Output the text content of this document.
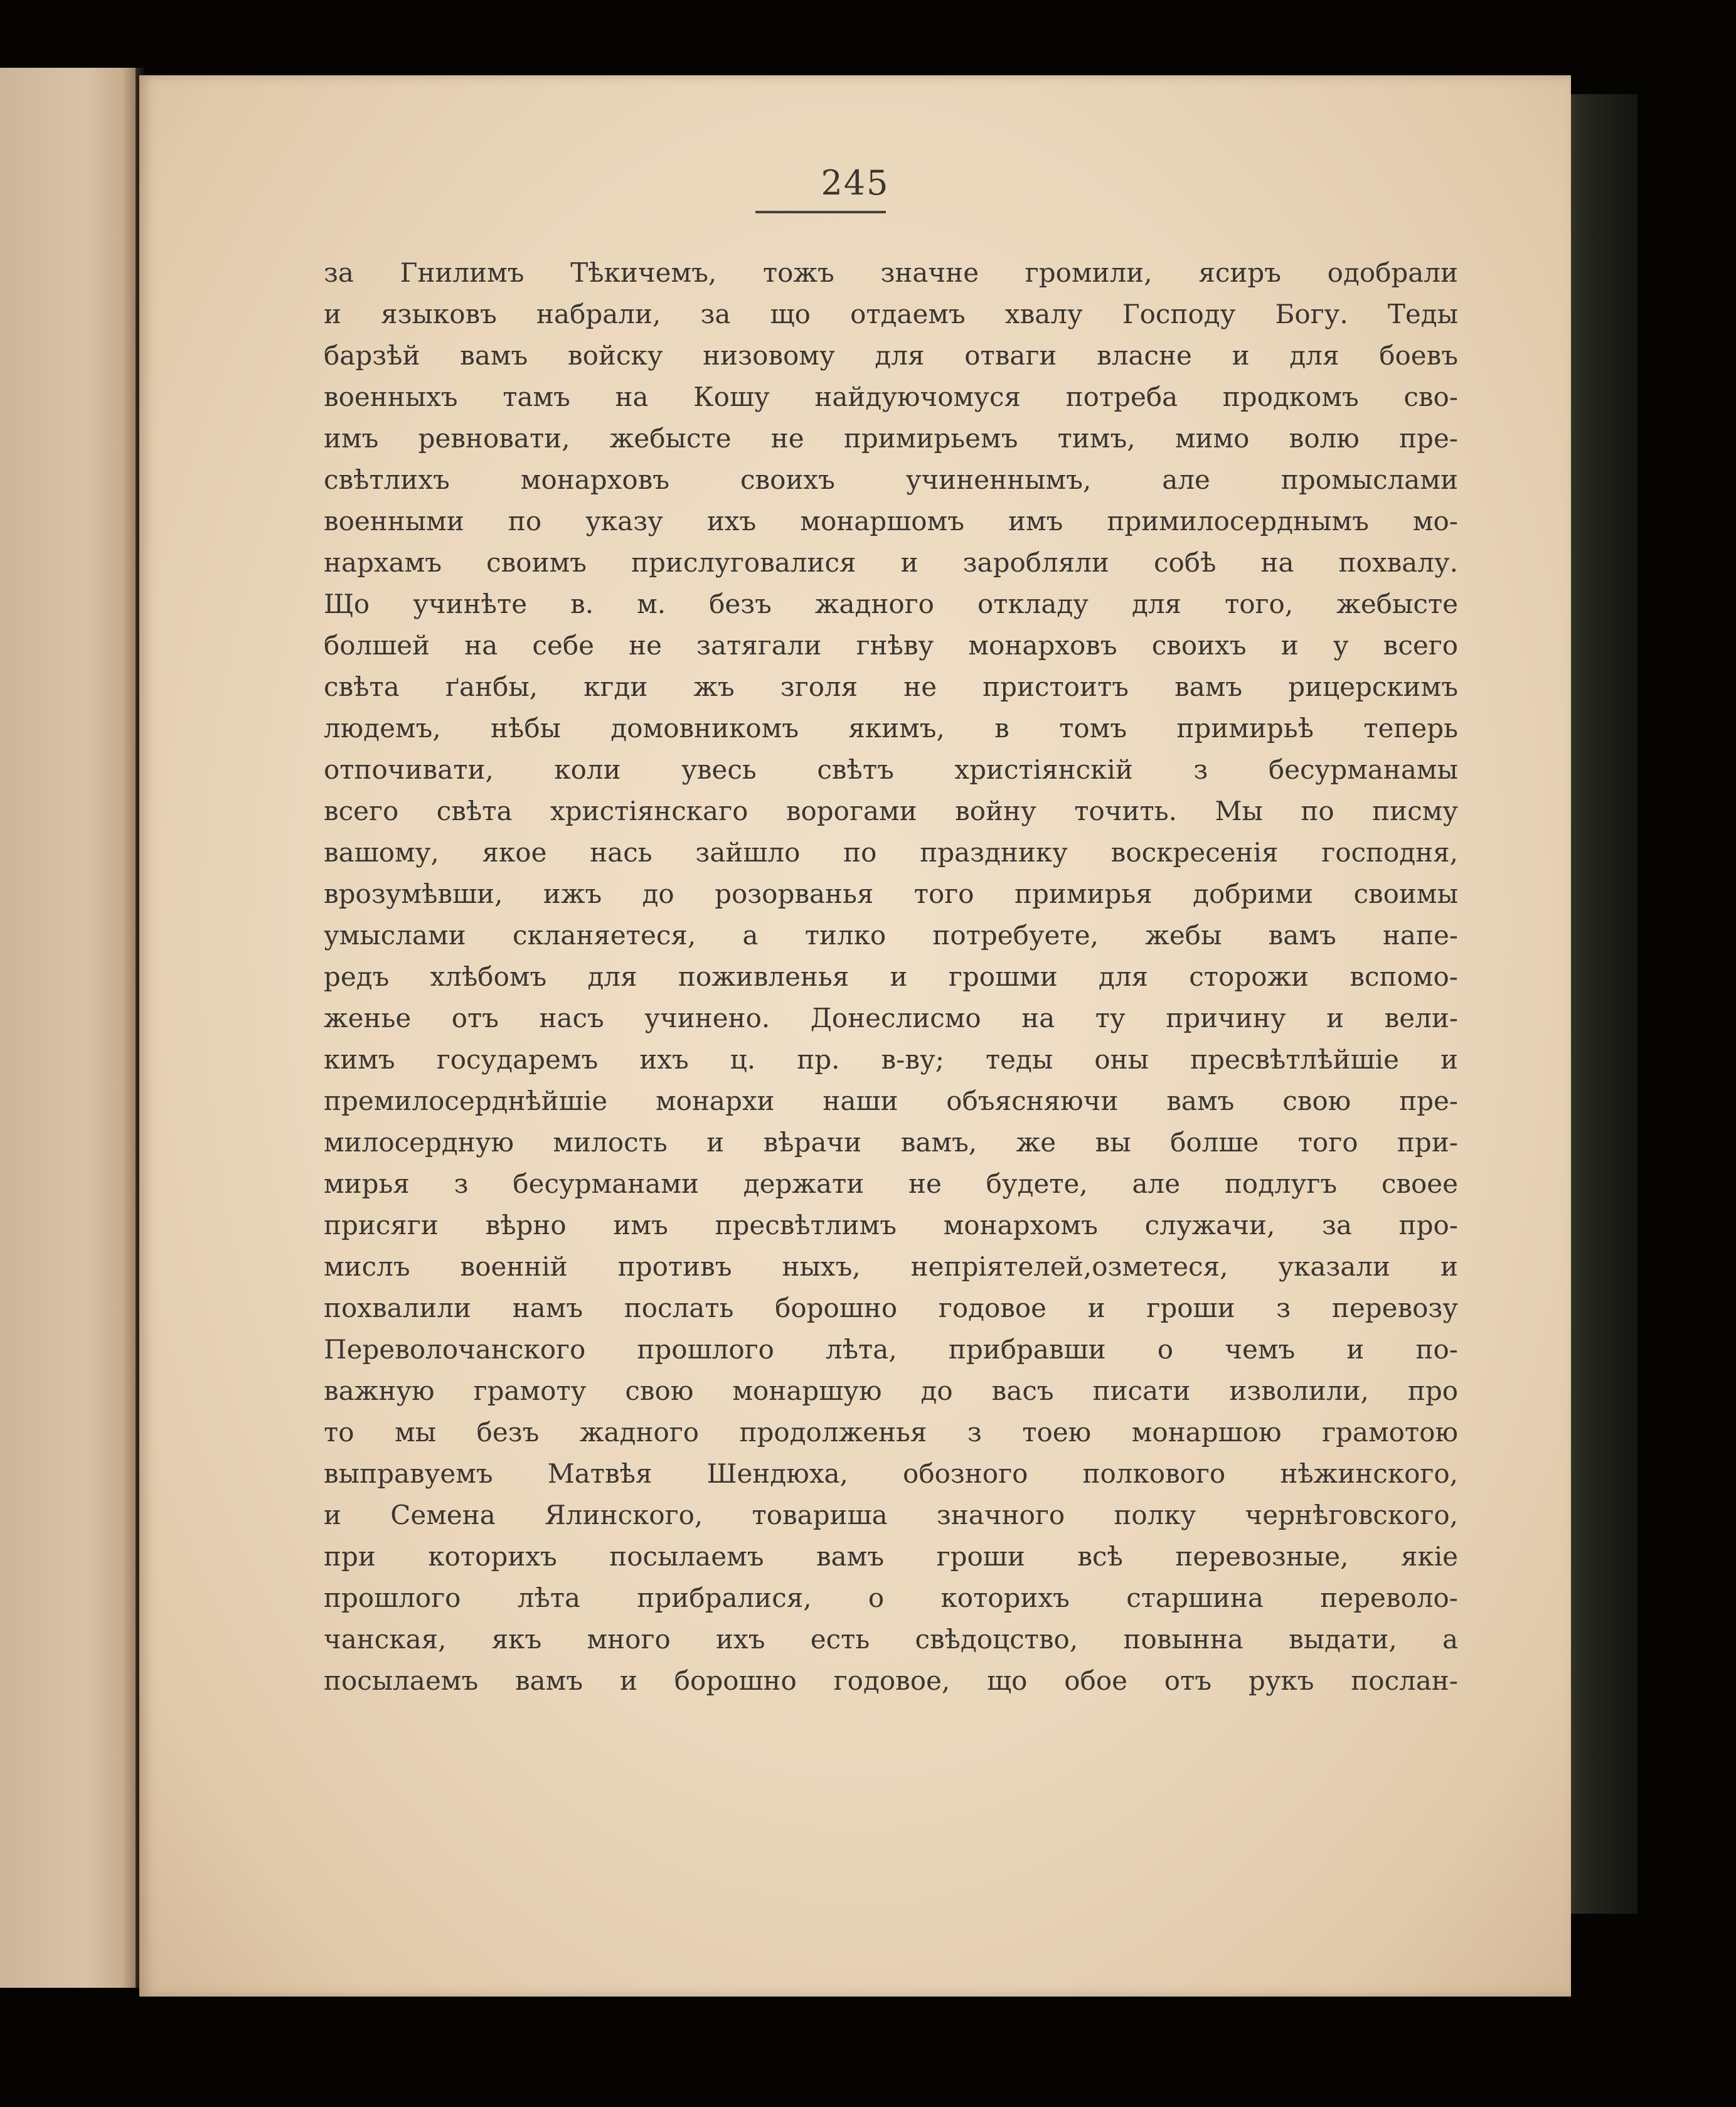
245
за Гнилимъ Тѣкичемъ, тожъ значне громили, ясиръ одобрали
и языковъ набрали, за що отдаемъ хвалу Господу Богу. Теды
барзѣй вамъ войску низовому для отваги власне и для боевъ
военныхъ тамъ на Кошу найдуючомуся потреба продкомъ сво-
имъ ревновати, жебысте не примирьемъ тимъ, мимо волю пре-
свѣтлихъ монарховъ своихъ учиненнымъ, але промыслами
военными по указу ихъ монаршомъ имъ примилосерднымъ мо-
нархамъ своимъ прислуговалися и заробляли собѣ на похвалу.
Що учинѣте в. м. безъ жадного откладу для того, жебысте
болшей на себе не затягали гнѣву монарховъ своихъ и у всего
свѣта ґанбы, кгди жъ зголя не пристоитъ вамъ рицерскимъ
людемъ, нѣбы домовникомъ якимъ, в томъ примирьѣ теперь
отпочивати, коли увесь свѣтъ христіянскій з бесурманамы
всего свѣта христіянскаго ворогами войну точить. Мы по писму
вашому, якое нась зайшло по празднику воскресенія господня,
врозумѣвши, ижъ до розорванья того примирья добрими своимы
умыслами скланяетеся, а тилко потребуете, жебы вамъ напе-
редъ хлѣбомъ для поживленья и грошми для сторожи вспомо-
женье отъ насъ учинено. Донеслисмо на ту причину и вели-
кимъ государемъ ихъ ц. пр. в-ву; теды оны пресвѣтлѣйшіе и
премилосерднѣйшіе монархи наши объясняючи вамъ свою пре-
милосердную милость и вѣрачи вамъ, же вы болше того при-
мирья з бесурманами держати не будете, але подлугъ своее
присяги вѣрно имъ пресвѣтлимъ монархомъ служачи, за про-
мислъ военній противъ ныхъ, непріятелей,озметеся, указали и
похвалили намъ послать борошно годовое и гроши з перевозу
Переволочанского прошлого лѣта, прибравши о чемъ и по-
важную грамоту свою монаршую до васъ писати изволили, про
то мы безъ жадного продолженья з тоею монаршою грамотою
выправуемъ Матвѣя Шендюха, обозного полкового нѣжинского,
и Семена Ялинского, товариша значного полку чернѣговского,
при которихъ посылаемъ вамъ гроши всѣ перевозные, якіе
прошлого лѣта прибралися, о которихъ старшина переволо-
чанская, якъ много ихъ есть свѣдоцство, повынна выдати, а
посылаемъ вамъ и борошно годовое, що обое отъ рукъ послан-
